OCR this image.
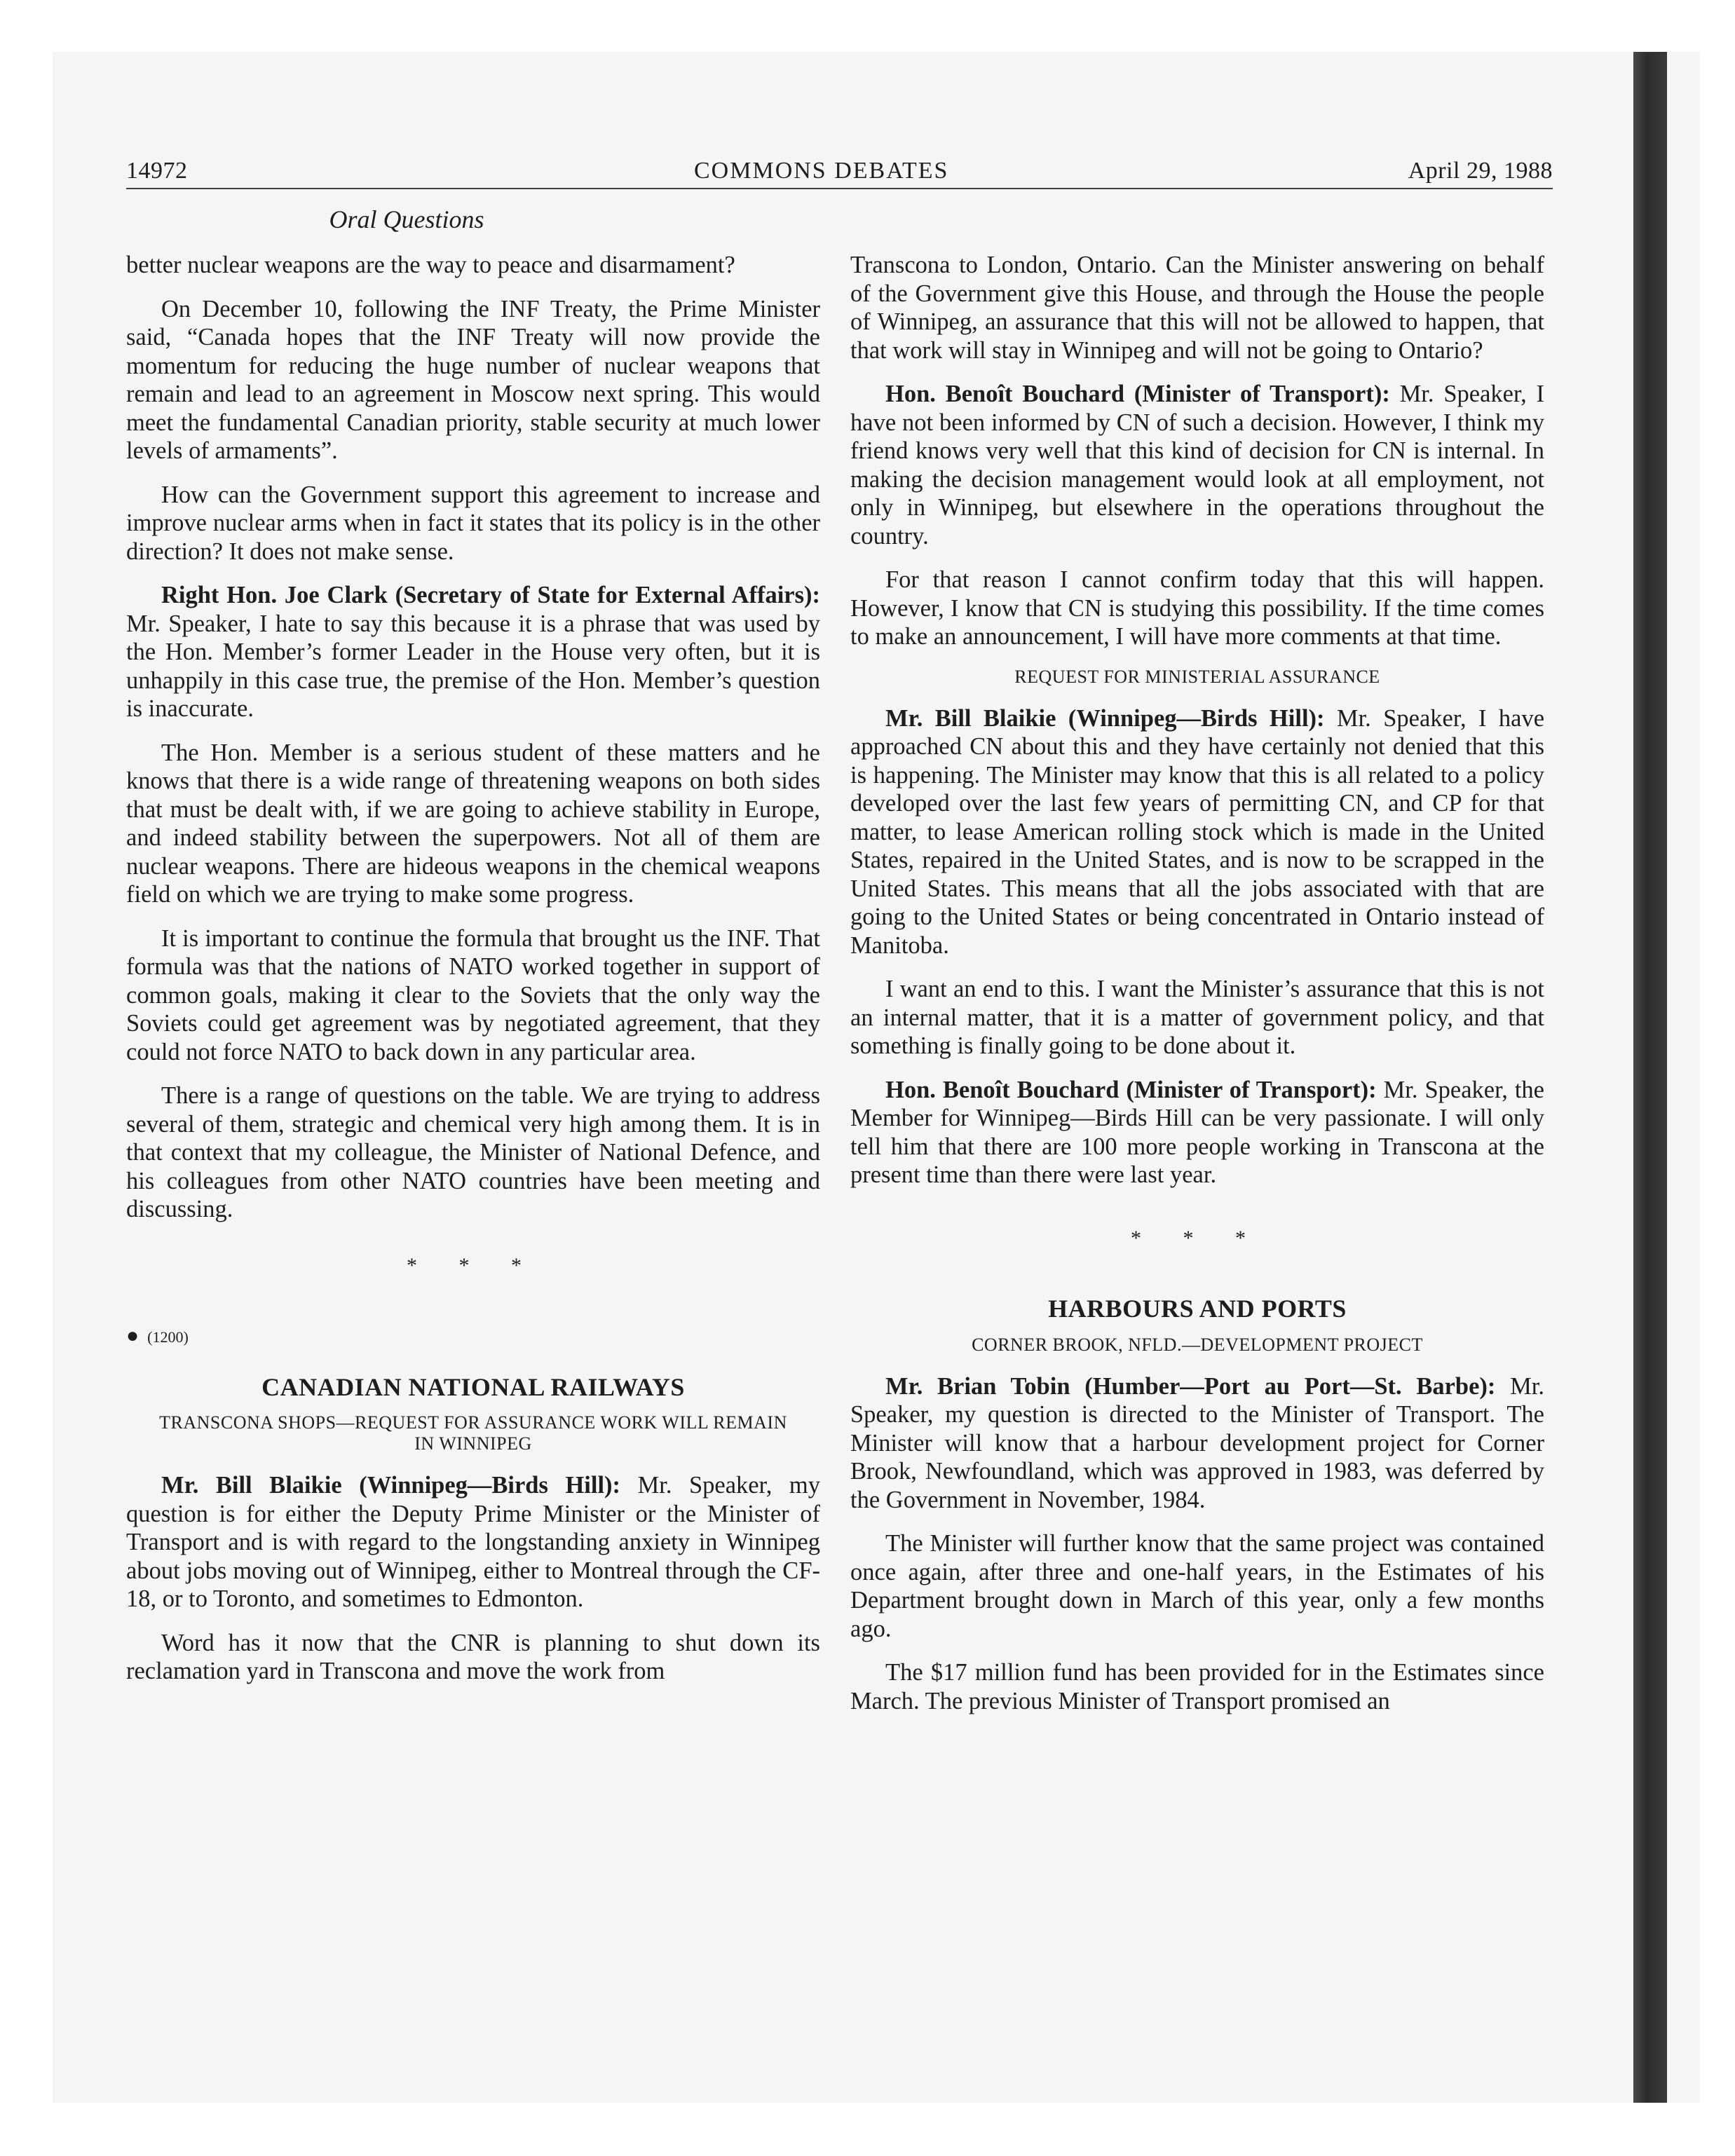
14972	COMMONS DEBATES	April 29, 1988
Oral Questions

better nuclear weapons are the way to peace and disarmament?

On December 10, following the INF Treaty, the Prime Minister said, “Canada hopes that the INF Treaty will now provide the momentum for reducing the huge number of nuclear weapons that remain and lead to an agreement in Moscow next spring. This would meet the fundamental Canadian priority, stable security at much lower levels of armaments”.

How can the Government support this agreement to increase and improve nuclear arms when in fact it states that its policy is in the other direction? It does not make sense.

Right Hon. Joe Clark (Secretary of State for External Affairs): Mr. Speaker, I hate to say this because it is a phrase that was used by the Hon. Member’s former Leader in the House very often, but it is unhappily in this case true, the premise of the Hon. Member’s question is inaccurate.

The Hon. Member is a serious student of these matters and he knows that there is a wide range of threatening weapons on both sides that must be dealt with, if we are going to achieve stability in Europe, and indeed stability between the superpowers. Not all of them are nuclear weapons. There are hideous weapons in the chemical weapons field on which we are trying to make some progress.

It is important to continue the formula that brought us the INF. That formula was that the nations of NATO worked together in support of common goals, making it clear to the Soviets that the only way the Soviets could get agreement was by negotiated agreement, that they could not force NATO to back down in any particular area.

There is a range of questions on the table. We are trying to address several of them, strategic and chemical very high among them. It is in that context that my colleague, the Minister of National Defence, and his colleagues from other NATO countries have been meeting and discussing.

* * *
● (1200)
CANADIAN NATIONAL RAILWAYS
TRANSCONA SHOPS—REQUEST FOR ASSURANCE WORK WILL REMAIN IN WINNIPEG

Mr. Bill Blaikie (Winnipeg—Birds Hill): Mr. Speaker, my question is for either the Deputy Prime Minister or the Minister of Transport and is with regard to the longstanding anxiety in Winnipeg about jobs moving out of Winnipeg, either to Montreal through the CF-18, or to Toronto, and sometimes to Edmonton.

Word has it now that the CNR is planning to shut down its reclamation yard in Transcona and move the work from

Transcona to London, Ontario. Can the Minister answering on behalf of the Government give this House, and through the House the people of Winnipeg, an assurance that this will not be allowed to happen, that that work will stay in Winnipeg and will not be going to Ontario?

Hon. Benoît Bouchard (Minister of Transport): Mr. Speaker, I have not been informed by CN of such a decision. However, I think my friend knows very well that this kind of decision for CN is internal. In making the decision management would look at all employment, not only in Winnipeg, but elsewhere in the operations throughout the country.

For that reason I cannot confirm today that this will happen. However, I know that CN is studying this possibility. If the time comes to make an announcement, I will have more comments at that time.

REQUEST FOR MINISTERIAL ASSURANCE

Mr. Bill Blaikie (Winnipeg—Birds Hill): Mr. Speaker, I have approached CN about this and they have certainly not denied that this is happening. The Minister may know that this is all related to a policy developed over the last few years of permitting CN, and CP for that matter, to lease American rolling stock which is made in the United States, repaired in the United States, and is now to be scrapped in the United States. This means that all the jobs associated with that are going to the United States or being concentrated in Ontario instead of Manitoba.

I want an end to this. I want the Minister’s assurance that this is not an internal matter, that it is a matter of government policy, and that something is finally going to be done about it.

Hon. Benoît Bouchard (Minister of Transport): Mr. Speaker, the Member for Winnipeg—Birds Hill can be very passionate. I will only tell him that there are 100 more people working in Transcona at the present time than there were last year.

* * *
HARBOURS AND PORTS
CORNER BROOK, NFLD.—DEVELOPMENT PROJECT

Mr. Brian Tobin (Humber—Port au Port—St. Barbe): Mr. Speaker, my question is directed to the Minister of Transport. The Minister will know that a harbour development project for Corner Brook, Newfoundland, which was approved in 1983, was deferred by the Government in November, 1984.

The Minister will further know that the same project was contained once again, after three and one-half years, in the Estimates of his Department brought down in March of this year, only a few months ago.

The $17 million fund has been provided for in the Estimates since March. The previous Minister of Transport promised an
